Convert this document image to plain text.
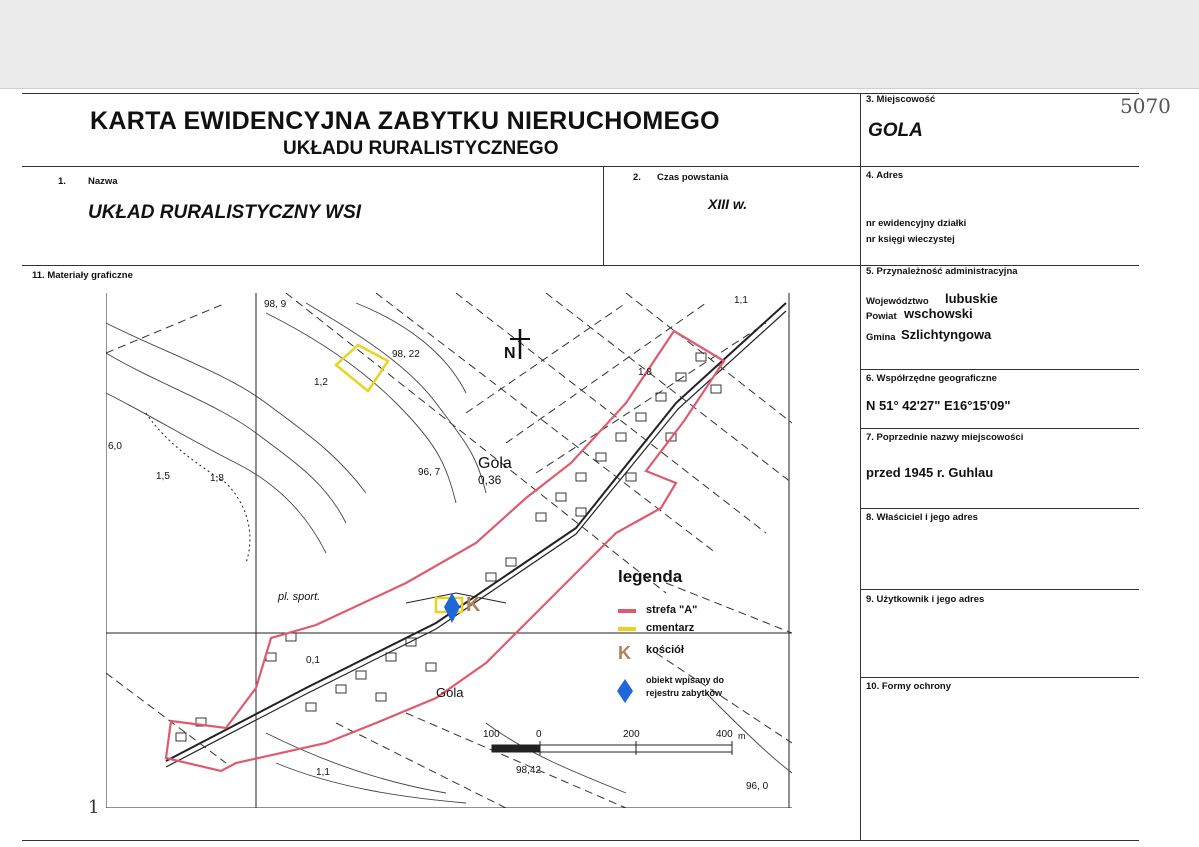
KARTA EWIDENCYJNA ZABYTKU NIERUCHOMEGO
UKŁADU RURALISTYCZNEGO
5070
3. Miejscowość
GOLA
1. Nazwa
UKŁAD RURALISTYCZNY WSI
2. Czas powstania
XIII w.
4. Adres
nr ewidencyjny działki
nr księgi wieczystej
11. Materiały graficzne	5. Przynależność administracyjna
Województwo lubuskie
Powiat wschowski
Gmina Szlichtyngowa
6. Współrzędne geograficzne
N 51° 42'27" E16°15'09"
7. Poprzednie nazwy miejscowości
przed 1945 r. Guhlau
8. Właściciel i jego adres
9. Użytkownik i jego adres
10. Formy ochrony
1
K
K
N
Gola
0,36
Gola
pl. sport.
98, 9
98, 22
1,2
96, 7
1,5	1,8
96, 0
1,1
1,1	98,42
0,1
1,8
6,0
legenda
strefa "A"
cmentarz
kościół
obiekt wpisany do
rejestru zabytków
100	0	200	400 m
